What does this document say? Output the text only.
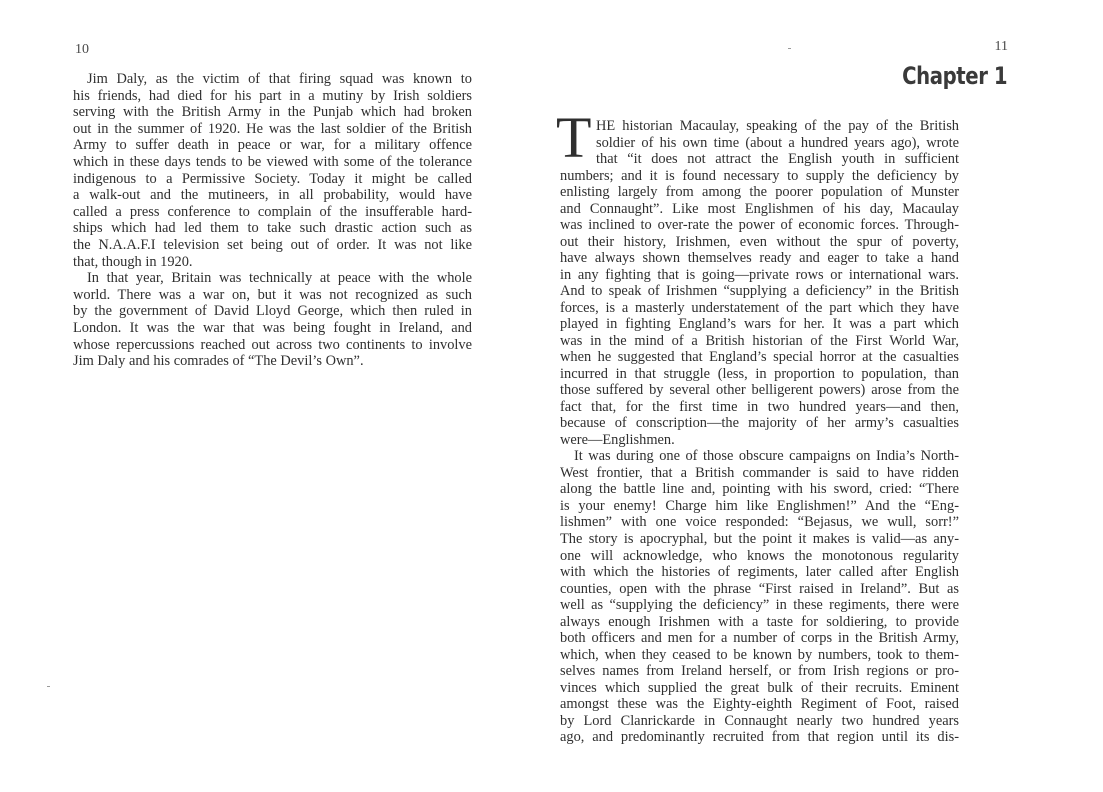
10
Jim Daly, as the victim of that firing squad was known to
his friends, had died for his part in a mutiny by Irish soldiers
serving with the British Army in the Punjab which had broken
out in the summer of 1920. He was the last soldier of the British
Army to suffer death in peace or war, for a military offence
which in these days tends to be viewed with some of the tolerance
indigenous to a Permissive Society. Today it might be called
a walk-out and the mutineers, in all probability, would have
called a press conference to complain of the insufferable hard-
ships which had led them to take such drastic action such as
the N.A.A.F.I television set being out of order. It was not like
that, though in 1920.
In that year, Britain was technically at peace with the whole
world. There was a war on, but it was not recognized as such
by the government of David Lloyd George, which then ruled in
London. It was the war that was being fought in Ireland, and
whose repercussions reached out across two continents to involve
Jim Daly and his comrades of “The Devil’s Own”.
11
Chapter 1
T HE historian Macaulay, speaking of the pay of the British
soldier of his own time (about a hundred years ago), wrote
that “it does not attract the English youth in sufficient
numbers; and it is found necessary to supply the deficiency by
enlisting largely from among the poorer population of Munster
and Connaught”. Like most Englishmen of his day, Macaulay
was inclined to over-rate the power of economic forces. Through-
out their history, Irishmen, even without the spur of poverty,
have always shown themselves ready and eager to take a hand
in any fighting that is going—private rows or international wars.
And to speak of Irishmen “supplying a deficiency” in the British
forces, is a masterly understatement of the part which they have
played in fighting England’s wars for her. It was a part which
was in the mind of a British historian of the First World War,
when he suggested that England’s special horror at the casualties
incurred in that struggle (less, in proportion to population, than
those suffered by several other belligerent powers) arose from the
fact that, for the first time in two hundred years—and then,
because of conscription—the majority of her army’s casualties
were—Englishmen.
It was during one of those obscure campaigns on India’s North-
West frontier, that a British commander is said to have ridden
along the battle line and, pointing with his sword, cried: “There
is your enemy! Charge him like Englishmen!” And the “Eng-
lishmen” with one voice responded: “Bejasus, we wull, sorr!”
The story is apocryphal, but the point it makes is valid—as any-
one will acknowledge, who knows the monotonous regularity
with which the histories of regiments, later called after English
counties, open with the phrase “First raised in Ireland”. But as
well as “supplying the deficiency” in these regiments, there were
always enough Irishmen with a taste for soldiering, to provide
both officers and men for a number of corps in the British Army,
which, when they ceased to be known by numbers, took to them-
selves names from Ireland herself, or from Irish regions or pro-
vinces which supplied the great bulk of their recruits. Eminent
amongst these was the Eighty-eighth Regiment of Foot, raised
by Lord Clanrickarde in Connaught nearly two hundred years
ago, and predominantly recruited from that region until its dis-
